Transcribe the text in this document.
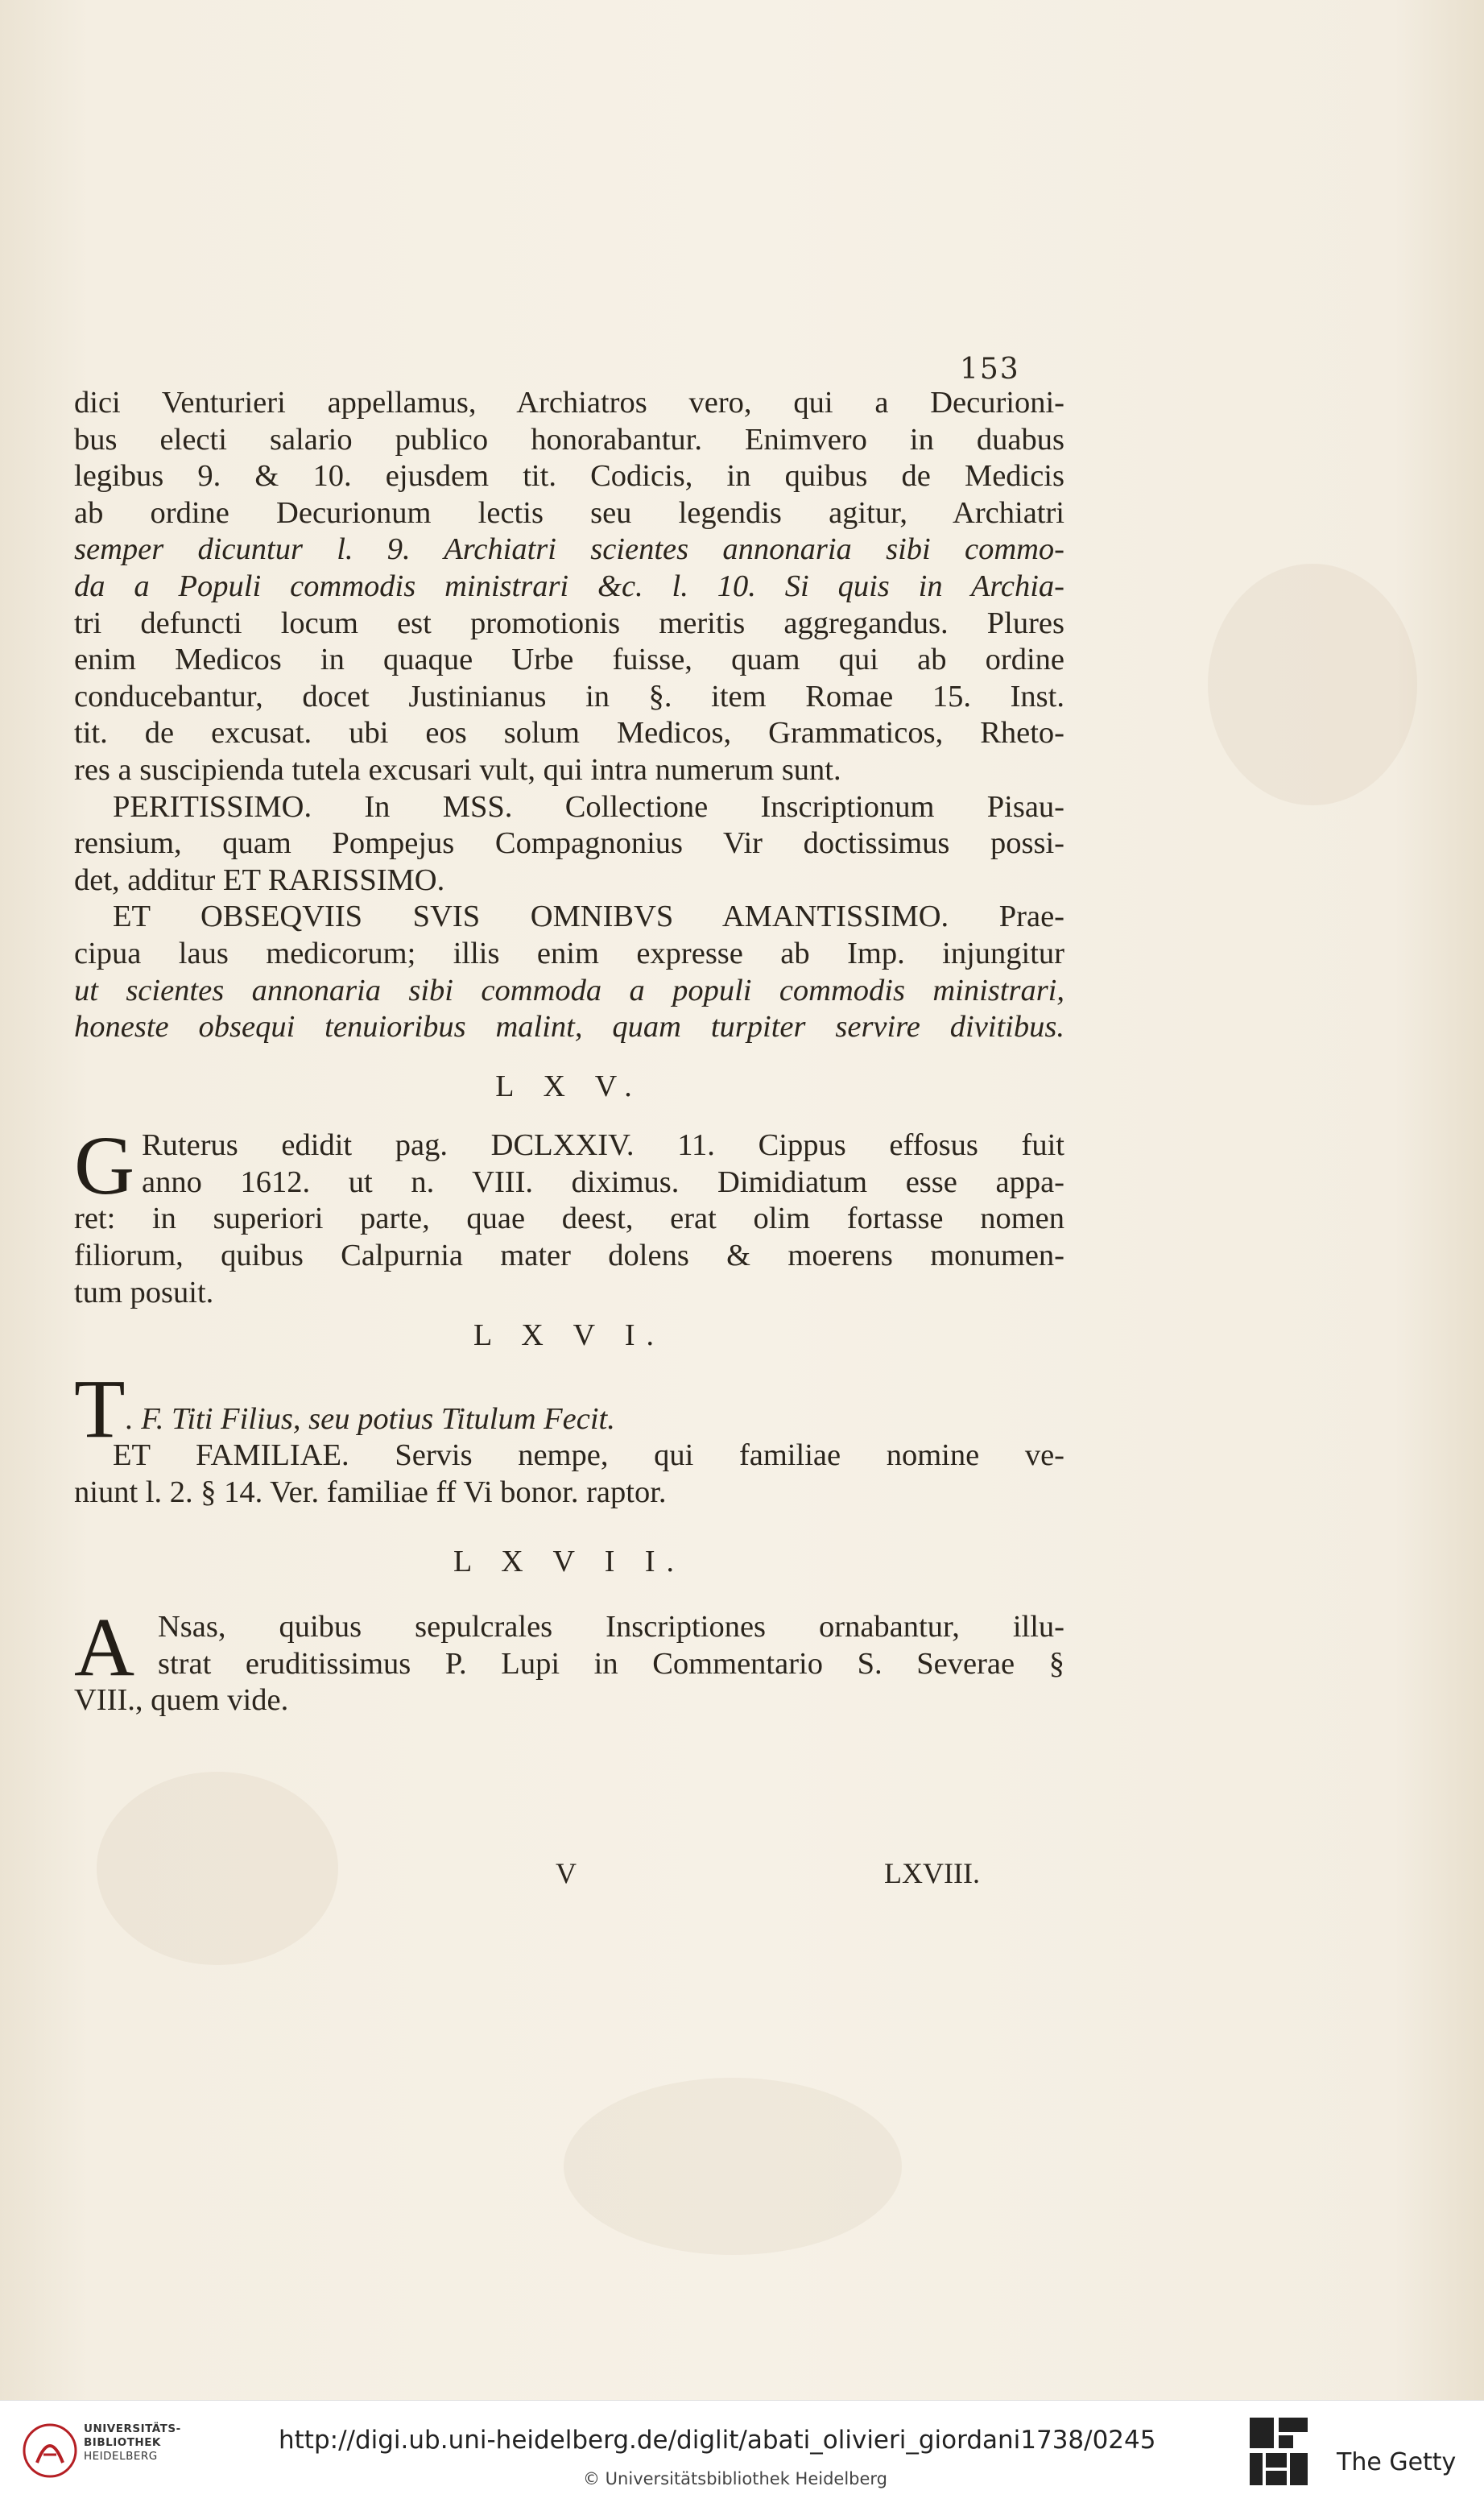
153

dici Venturieri appellamus, Archiatros vero, qui a Decurioni-
bus electi salario publico honorabantur. Enimvero in duabus
legibus 9. & 10. ejusdem tit. Codicis, in quibus de Medicis
ab ordine Decurionum lectis seu legendis agitur, Archiatri
semper dicuntur l. 9. Archiatri scientes annonaria sibi commo-
da a Populi commodis ministrari &c. l. 10. Si quis in Archia-
tri defuncti locum est promotionis meritis aggregandus. Plures
enim Medicos in quaque Urbe fuisse, quam qui ab ordine
conducebantur, docet Justinianus in §. item Romae 15. Inst.
tit. de excusat. ubi eos solum Medicos, Grammaticos, Rheto-
res a suscipienda tutela excusari vult, qui intra numerum sunt.

PERITISSIMO. In MSS. Collectione Inscriptionum Pisau-
rensium, quam Pompejus Compagnonius Vir doctissimus possi-
det, additur ET RARISSIMO.

ET OBSEQVIIS SVIS OMNIBVS AMANTISSIMO. Prae-
cipua laus medicorum; illis enim expresse ab Imp. injungitur
ut scientes annonaria sibi commoda a populi commodis ministrari,
honeste obsequi tenuioribus malint, quam turpiter servire divitibus.

L X V.
G Ruterus edidit pag. DCLXXIV. 11. Cippus effosus fuit
anno 1612. ut n. VIII. diximus. Dimidiatum esse appa-
ret: in superiori parte, quae deest, erat olim fortasse nomen
filiorum, quibus Calpurnia mater dolens & moerens monumen-
tum posuit.
L X V I.
T . F. Titi Filius, seu potius Titulum Fecit.

ET FAMILIAE. Servis nempe, qui familiae nomine ve-
niunt l. 2. § 14. Ver. familiae ff Vi bonor. raptor.

L X V I I.
A Nsas, quibus sepulcrales Inscriptiones ornabantur, illu-
strat eruditissimus P. Lupi in Commentario S. Severae §
VIII., quem vide.
V	LXVIII.
UNIVERSITÄTS-
BIBLIOTHEK
HEIDELBERG
http://digi.ub.uni-heidelberg.de/diglit/abati_olivieri_giordani1738/0245
© Universitätsbibliothek Heidelberg
The Getty
